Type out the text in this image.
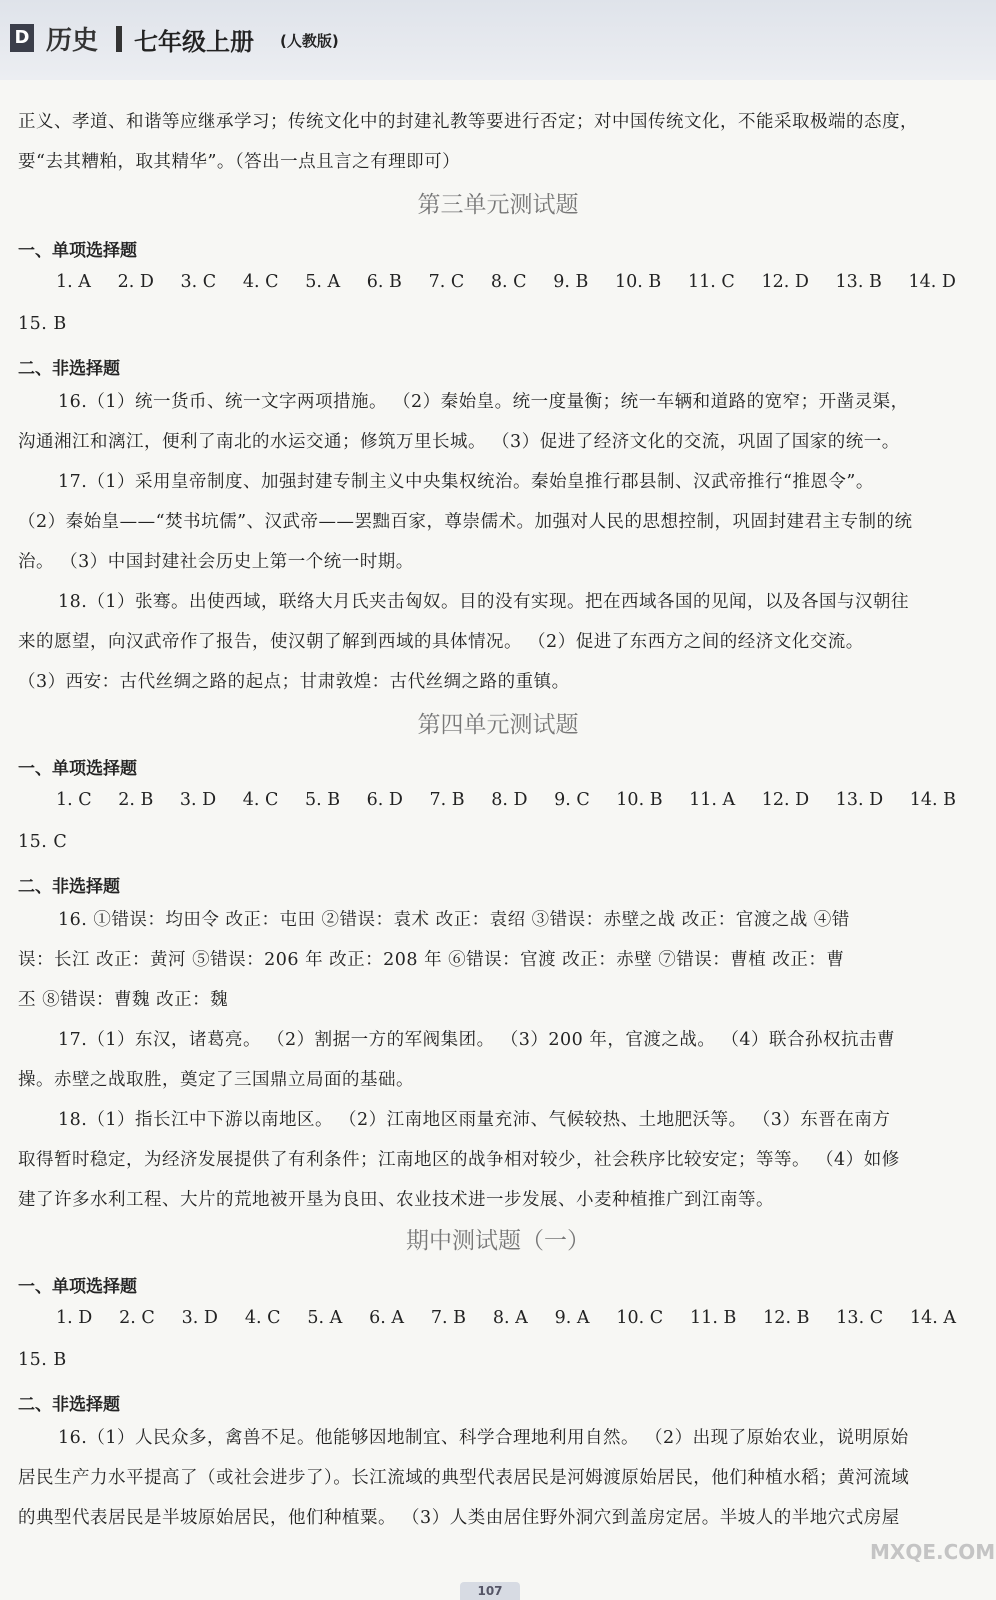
D 历史 七年级上册 (人教版)
正义、孝道、和谐等应继承学习；传统文化中的封建礼教等要进行否定；对中国传统文化，不能采取极端的态度，
要“去其糟粕，取其精华”。（答出一点且言之有理即可）
第三单元测试题
一、单项选择题
1. A 2. D 3. C 4. C 5. A 6. B 7. C 8. C 9. B 10. B 11. C 12. D 13. B 14. D
15. B
二、非选择题
16.（1）统一货币、统一文字两项措施。 （2）秦始皇。统一度量衡；统一车辆和道路的宽窄；开凿灵渠，
沟通湘江和漓江，便利了南北的水运交通；修筑万里长城。 （3）促进了经济文化的交流，巩固了国家的统一。
17.（1）采用皇帝制度、加强封建专制主义中央集权统治。秦始皇推行郡县制、汉武帝推行“推恩令”。
（2）秦始皇——“焚书坑儒”、汉武帝——罢黜百家，尊崇儒术。加强对人民的思想控制，巩固封建君主专制的统
治。 （3）中国封建社会历史上第一个统一时期。
18.（1）张骞。出使西域，联络大月氏夹击匈奴。目的没有实现。把在西域各国的见闻，以及各国与汉朝往
来的愿望，向汉武帝作了报告，使汉朝了解到西域的具体情况。 （2）促进了东西方之间的经济文化交流。
（3）西安：古代丝绸之路的起点；甘肃敦煌：古代丝绸之路的重镇。
第四单元测试题
一、单项选择题
1. C 2. B 3. D 4. C 5. B 6. D 7. B 8. D 9. C 10. B 11. A 12. D 13. D 14. B
15. C
二、非选择题
16. ①错误：均田令 改正：屯田 ②错误：袁术 改正：袁绍 ③错误：赤壁之战 改正：官渡之战 ④错
误：长江 改正：黄河 ⑤错误：206 年 改正：208 年 ⑥错误：官渡 改正：赤壁 ⑦错误：曹植 改正：曹
丕 ⑧错误：曹魏 改正：魏
17.（1）东汉，诸葛亮。 （2）割据一方的军阀集团。 （3）200 年，官渡之战。 （4）联合孙权抗击曹
操。赤壁之战取胜，奠定了三国鼎立局面的基础。
18.（1）指长江中下游以南地区。 （2）江南地区雨量充沛、气候较热、土地肥沃等。 （3）东晋在南方
取得暂时稳定，为经济发展提供了有利条件；江南地区的战争相对较少，社会秩序比较安定；等等。 （4）如修
建了许多水利工程、大片的荒地被开垦为良田、农业技术进一步发展、小麦种植推广到江南等。
期中测试题（一）
一、单项选择题
1. D 2. C 3. D 4. C 5. A 6. A 7. B 8. A 9. A 10. C 11. B 12. B 13. C 14. A
15. B
二、非选择题
16.（1）人民众多，禽兽不足。他能够因地制宜、科学合理地利用自然。 （2）出现了原始农业，说明原始
居民生产力水平提高了（或社会进步了）。长江流域的典型代表居民是河姆渡原始居民，他们种植水稻；黄河流域
的典型代表居民是半坡原始居民，他们种植粟。 （3）人类由居住野外洞穴到盖房定居。半坡人的半地穴式房屋
MXQE.COM
107
